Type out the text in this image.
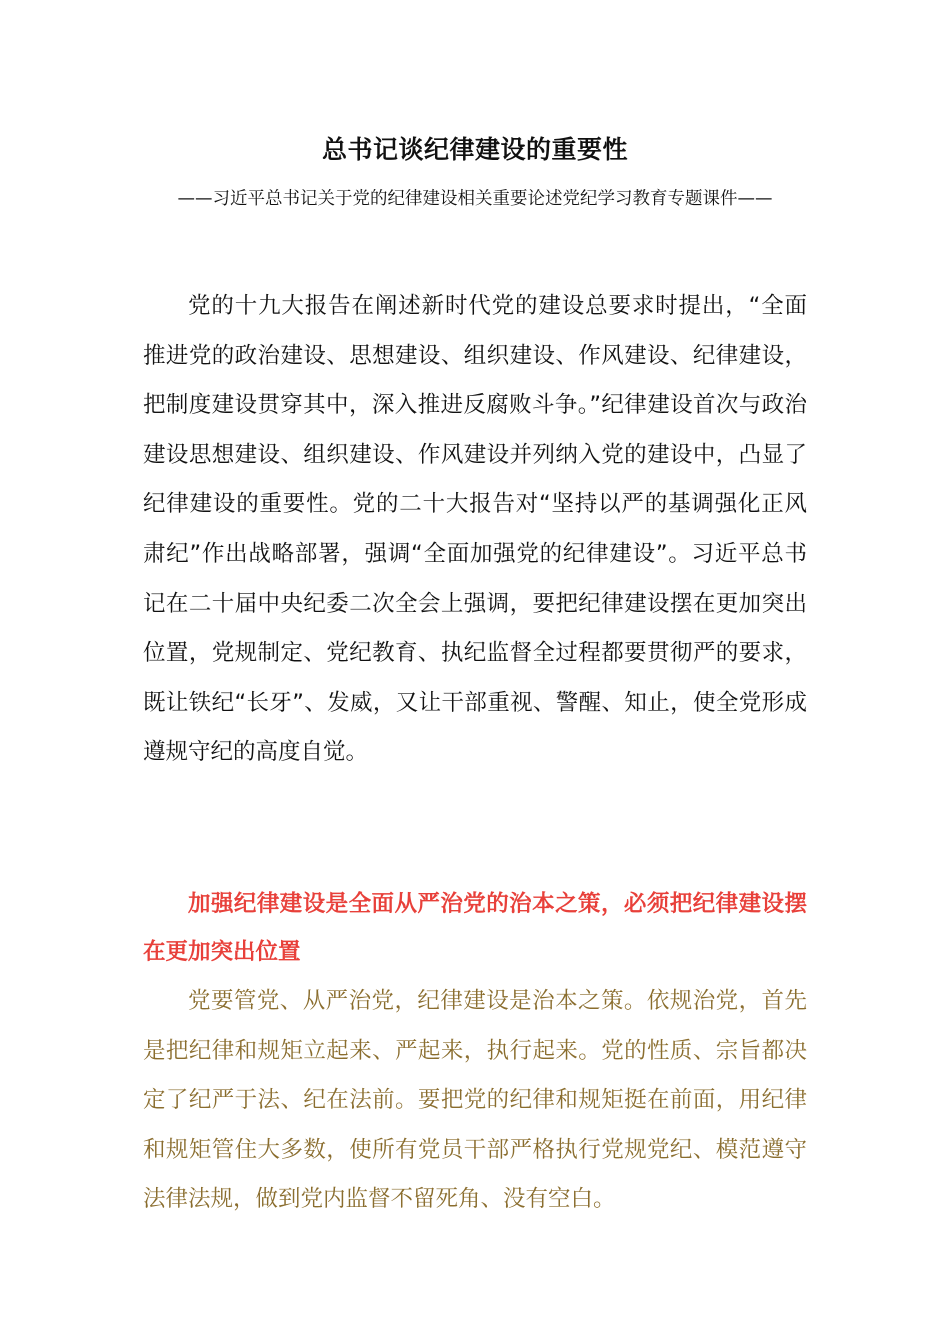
总书记谈纪律建设的重要性
——习近平总书记关于党的纪律建设相关重要论述党纪学习教育专题课件——

党的十九大报告在阐述新时代党的建设总要求时提出，“全面推进党的政治建设、思想建设、组织建设、作风建设、纪律建设，把制度建设贯穿其中，深入推进反腐败斗争。”纪律建设首次与政治建设思想建设、组织建设、作风建设并列纳入党的建设中，凸显了纪律建设的重要性。党的二十大报告对“坚持以严的基调强化正风肃纪”作出战略部署，强调“全面加强党的纪律建设”。习近平总书记在二十届中央纪委二次全会上强调，要把纪律建设摆在更加突出位置，党规制定、党纪教育、执纪监督全过程都要贯彻严的要求，既让铁纪“长牙”、发威，又让干部重视、警醒、知止，使全党形成遵规守纪的高度自觉。

加强纪律建设是全面从严治党的治本之策，必须把纪律建设摆在更加突出位置

党要管党、从严治党，纪律建设是治本之策。依规治党，首先是把纪律和规矩立起来、严起来，执行起来。党的性质、宗旨都决定了纪严于法、纪在法前。要把党的纪律和规矩挺在前面，用纪律和规矩管住大多数，使所有党员干部严格执行党规党纪、模范遵守法律法规，做到党内监督不留死角、没有空白。
